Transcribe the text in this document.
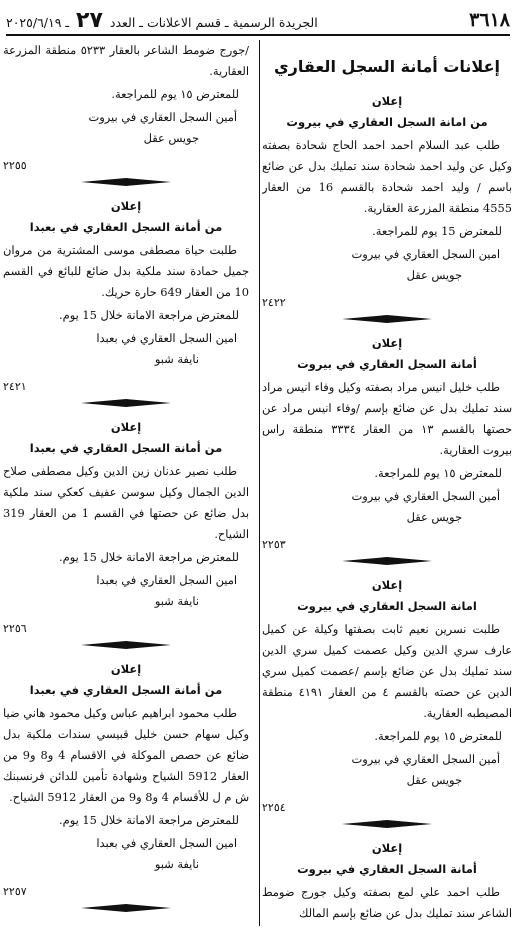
٣٦١٨
الجريدة الرسمية ـ قسم الاعلانات ـ العدد ٢٧ ـ ٢٠٢٥/٦/١٩
إعلانات أمانة السجل العقاري
إعلان
من امانة السجل العقاري في بيروت

طلب عبد السلام احمد احمد الحاج شحادة بصفته وكيل عن وليد احمد شحادة سند تمليك بدل عن ضائع باسم / وليد احمد شحادة بالقسم 16 من العقار 4555 منطقة المزرعة العقارية.

للمعترض 15 يوم للمراجعة.
امين السجل العقاري في بيروت
جويس عقل
٢٤٢٢
إعلان
أمانة السجل العقاري في بيروت

طلب خليل انيس مراد بصفته وكيل وفاء انيس مراد سند تمليك بدل عن ضائع بإسم /وفاء انيس مراد عن حصتها بالقسم ١٣ من العقار ٣٣٣٤ منطقة راس بيروت العقارية.

للمعترض ١٥ يوم للمراجعة.
أمين السجل العقاري في بيروت
جويس عقل
٢٢٥٣
إعلان
امانة السجل العقاري في بيروت

طلبت نسرين نعيم ثابت بصفتها وكيلة عن كميل عارف سري الدين وكيل عصمت كميل سري الدين سند تمليك بدل عن ضائع بإسم /عصمت كميل سري الدين عن حصته بالقسم ٤ من العقار ٤١٩١ منطقة المصيطبه العقارية.

للمعترض ١٥ يوم للمراجعة.
أمين السجل العقاري في بيروت
جويس عقل
٢٢٥٤
إعلان
أمانة السجل العقاري في بيروت

طلب احمد علي لمع بصفته وكيل جورج ضومط الشاعر سند تمليك بدل عن ضائع بإسم المالك

/جورج ضومط الشاعر بالعقار ٥٢٣٣ منطقة المزرعة العقارية.

للمعترض ١٥ يوم للمراجعة.
أمين السجل العقاري في بيروت
جويس عقل
٢٢٥٥
إعلان
من أمانة السجل العقاري في بعبدا

طلبت حياة مصطفى موسى المشترية من مروان جميل حمادة سند ملكية بدل ضائع للبائع في القسم 10 من العقار 649 حارة حريك.

للمعترض مراجعة الامانة خلال 15 يوم.
امين السجل العقاري في بعبدا
نايفة شبو
٢٤٢١
إعلان
من أمانة السجل العقاري في بعبدا

طلب نصير عدنان زين الدين وكيل مصطفى صلاح الدين الجمال وكيل سوسن عفيف كعكي سند ملكية بدل ضائع عن حصتها في القسم 1 من العقار 319 الشياح.

للمعترض مراجعة الامانة خلال 15 يوم.
امين السجل العقاري في بعبدا
نايفة شبو
٢٢٥٦
إعلان
من أمانة السجل العقاري في بعبدا

طلب محمود ابراهيم عباس وكيل محمود هاني ضيا وكيل سهام حسن خليل قبيسي سندات ملكية بدل ضائع عن حصص الموكلة في الاقسام 4 و8 و9 من العقار 5912 الشياح وشهادة تأمين للدائن فرنسبنك ش م ل للأقسام 4 و8 و9 من العقار 5912 الشياح.

للمعترض مراجعة الامانة خلال 15 يوم.
امين السجل العقاري في بعبدا
نايفة شبو
٢٢٥٧
